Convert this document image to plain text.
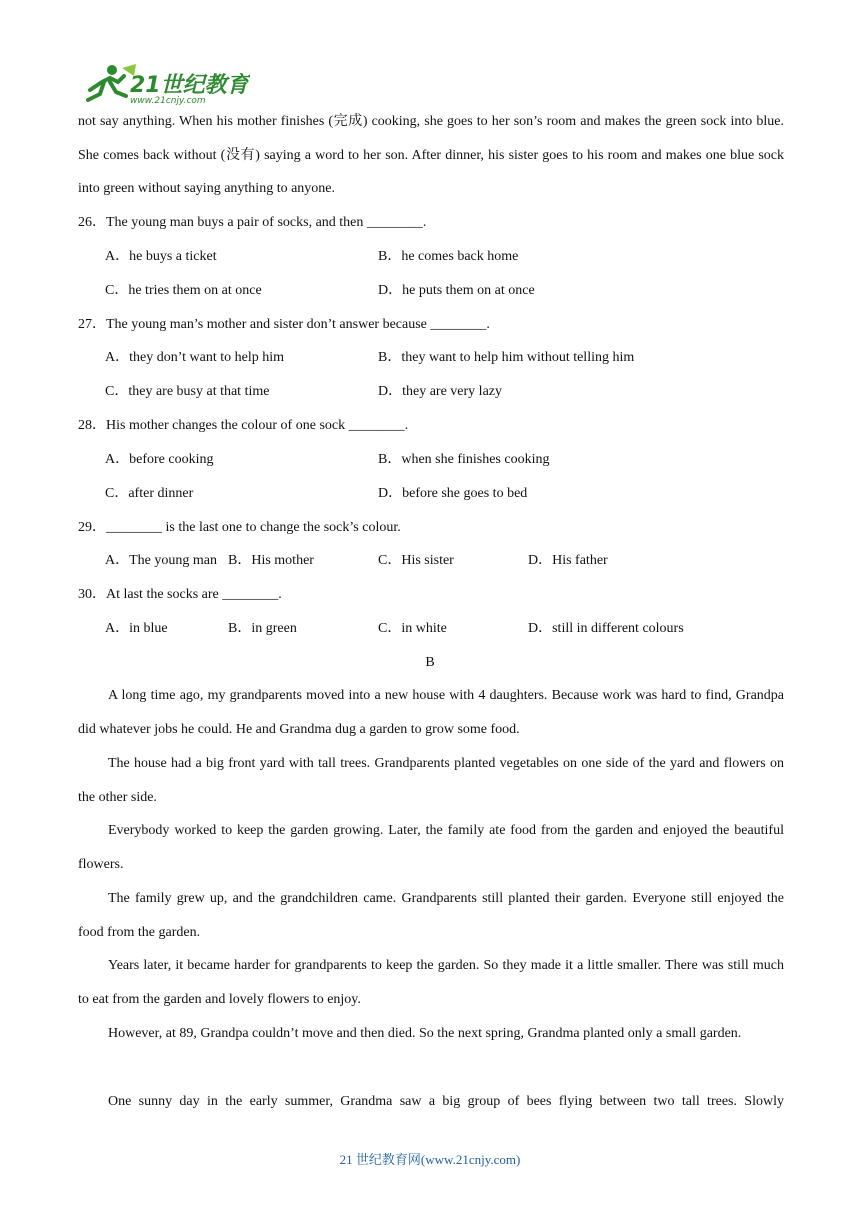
21世纪教育
www.21cnjy.com
not say anything. When his mother finishes (完成) cooking, she goes to her son’s room and makes the green sock into blue. She comes back without (没有) saying a word to her son. After dinner, his sister goes to his room and makes one blue sock into green without saying anything to anyone.
26．The young man buys a pair of socks, and then ________.
A．he buys a ticket	B．he comes back home
C．he tries them on at once	D．he puts them on at once
27．The young man’s mother and sister don’t answer because ________.
A．they don’t want to help him	B．they want to help him without telling him
C．they are busy at that time	D．they are very lazy
28．His mother changes the colour of one sock ________.
A．before cooking	B．when she finishes cooking
C．after dinner	D．before she goes to bed
29．________ is the last one to change the sock’s colour.
A．The young man B．His mother	C．His sister	D．His father
30．At last the socks are ________.
A．in blue	B．in green	C．in white	D．still in different colours
B
A long time ago, my grandparents moved into a new house with 4 daughters. Because work was hard to find, Grandpa did whatever jobs he could. He and Grandma dug a garden to grow some food.
The house had a big front yard with tall trees. Grandparents planted vegetables on one side of the yard and flowers on the other side.
Everybody worked to keep the garden growing. Later, the family ate food from the garden and enjoyed the beautiful flowers.
The family grew up, and the grandchildren came. Grandparents still planted their garden. Everyone still enjoyed the food from the garden.
Years later, it became harder for grandparents to keep the garden. So they made it a little smaller. There was still much to eat from the garden and lovely flowers to enjoy.
However, at 89, Grandpa couldn’t move and then died. So the next spring, Grandma planted only a small garden.
One sunny day in the early summer, Grandma saw a big group of bees flying between two tall trees. Slowly
21 世纪教育网(www.21cnjy.com)
